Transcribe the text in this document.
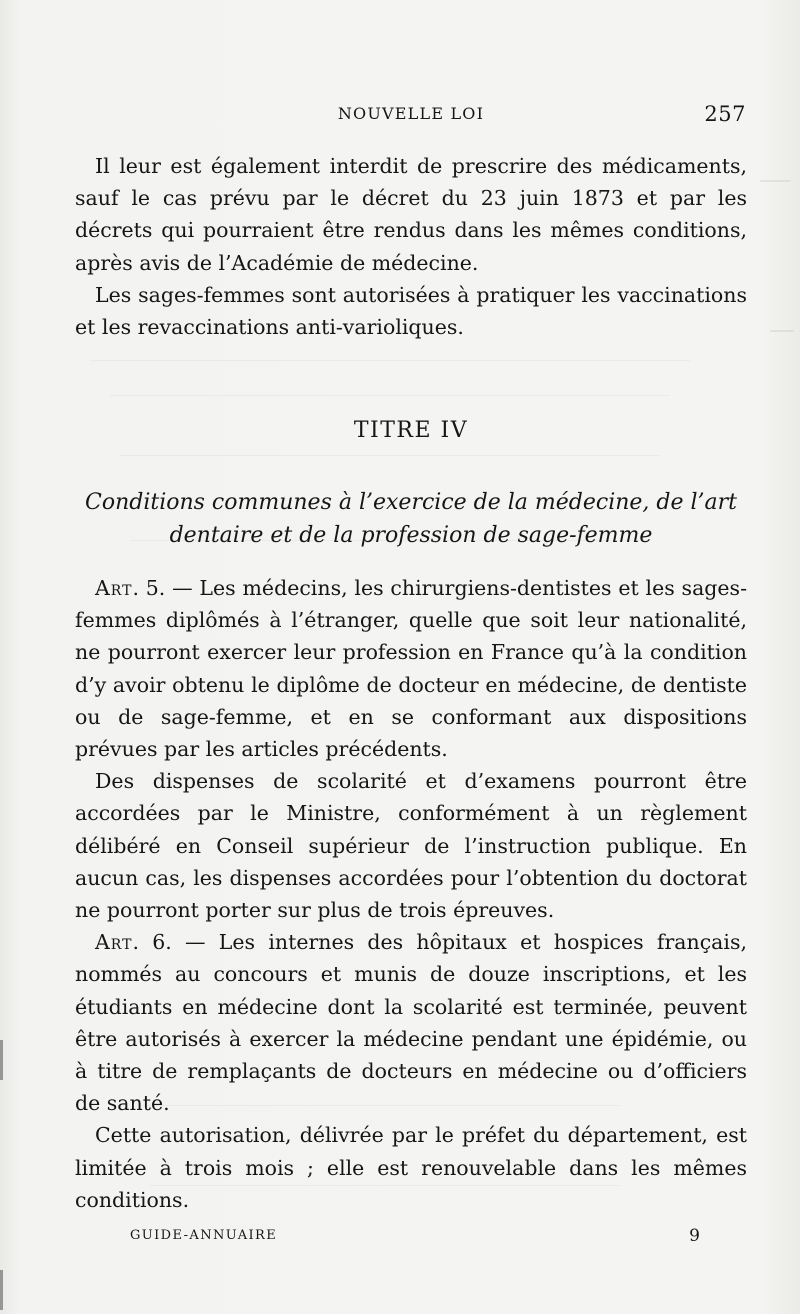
NOUVELLE LOI	257

Il leur est également interdit de prescrire des médicaments, sauf le cas prévu par le décret du 23 juin 1873 et par les décrets qui pourraient être rendus dans les mêmes conditions, après avis de l’Académie de médecine.

Les sages-femmes sont autorisées à pratiquer les vaccinations et les revaccinations anti-varioliques.

TITRE IV
Conditions communes à l’exercice de la médecine, de l’art dentaire et de la profession de sage-femme

Art. 5. — Les médecins, les chirurgiens-dentistes et les sages-femmes diplômés à l’étranger, quelle que soit leur nationalité, ne pourront exercer leur profession en France qu’à la condition d’y avoir obtenu le diplôme de docteur en médecine, de dentiste ou de sage-femme, et en se conformant aux dispositions prévues par les articles précédents.

Des dispenses de scolarité et d’examens pourront être accordées par le Ministre, conformément à un règlement délibéré en Conseil supérieur de l’instruction publique. En aucun cas, les dispenses accordées pour l’obtention du doctorat ne pourront porter sur plus de trois épreuves.

Art. 6. — Les internes des hôpitaux et hospices français, nommés au concours et munis de douze inscriptions, et les étudiants en médecine dont la scolarité est terminée, peuvent être autorisés à exercer la médecine pendant une épidémie, ou à titre de remplaçants de docteurs en médecine ou d’officiers de santé.

Cette autorisation, délivrée par le préfet du département, est limitée à trois mois ; elle est renouvelable dans les mêmes conditions.

GUIDE-ANNUAIRE	9
